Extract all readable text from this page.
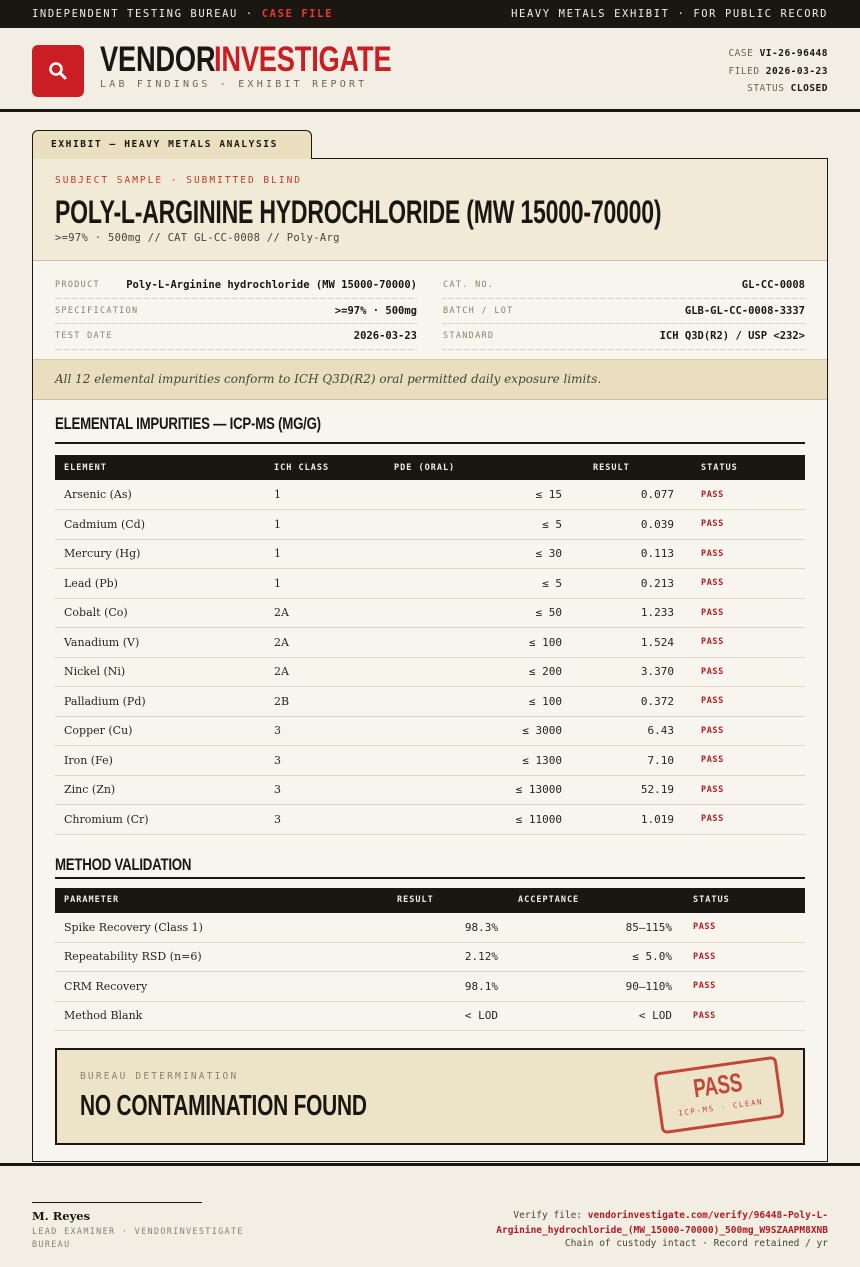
INDEPENDENT TESTING BUREAU · CASE FILE	HEAVY METALS EXHIBIT · FOR PUBLIC RECORD
VENDORINVESTIGATE
LAB FINDINGS · EXHIBIT REPORT
CASE VI-26-96448
FILED 2026-03-23
STATUS CLOSED
EXHIBIT — HEAVY METALS ANALYSIS
SUBJECT SAMPLE · SUBMITTED BLIND
POLY-L-ARGININE HYDROCHLORIDE (MW 15000-70000)
>=97% · 500mg // CAT GL-CC-0008 // Poly-Arg
PRODUCT	Poly-L-Arginine hydrochloride (MW 15000-70000)
SPECIFICATION	>=97% · 500mg
TEST DATE	2026-03-23
CAT. NO.	GL-CC-0008
BATCH / LOT	GLB-GL-CC-0008-3337
STANDARD	ICH Q3D(R2) / USP <232>
All 12 elemental impurities conform to ICH Q3D(R2) oral permitted daily exposure limits.
ELEMENTAL IMPURITIES — ICP-MS (ΜG/G)
ELEMENT	ICH CLASS	PDE (ORAL)	RESULT	STATUS
Arsenic (As)	1	≤ 15	0.077	PASS
Cadmium (Cd)	1	≤ 5	0.039	PASS
Mercury (Hg)	1	≤ 30	0.113	PASS
Lead (Pb)	1	≤ 5	0.213	PASS
Cobalt (Co)	2A	≤ 50	1.233	PASS
Vanadium (V)	2A	≤ 100	1.524	PASS
Nickel (Ni)	2A	≤ 200	3.370	PASS
Palladium (Pd)	2B	≤ 100	0.372	PASS
Copper (Cu)	3	≤ 3000	6.43	PASS
Iron (Fe)	3	≤ 1300	7.10	PASS
Zinc (Zn)	3	≤ 13000	52.19	PASS
Chromium (Cr)	3	≤ 11000	1.019	PASS
METHOD VALIDATION
PARAMETER	RESULT	ACCEPTANCE	STATUS
Spike Recovery (Class 1)	98.3%	85–115%	PASS
Repeatability RSD (n=6)	2.12%	≤ 5.0%	PASS
CRM Recovery	98.1%	90–110%	PASS
Method Blank	< LOD	< LOD	PASS
BUREAU DETERMINATION
NO CONTAMINATION FOUND
PASS
ICP-MS · CLEAN
M. Reyes
LEAD EXAMINER · VENDORINVESTIGATE BUREAU
Verify file: vendorinvestigate.com/verify/96448-Poly-L-Arginine_hydrochloride_(MW_15000-70000)_500mg_W9SZAAPM8XNB
Chain of custody intact · Record retained / yr
